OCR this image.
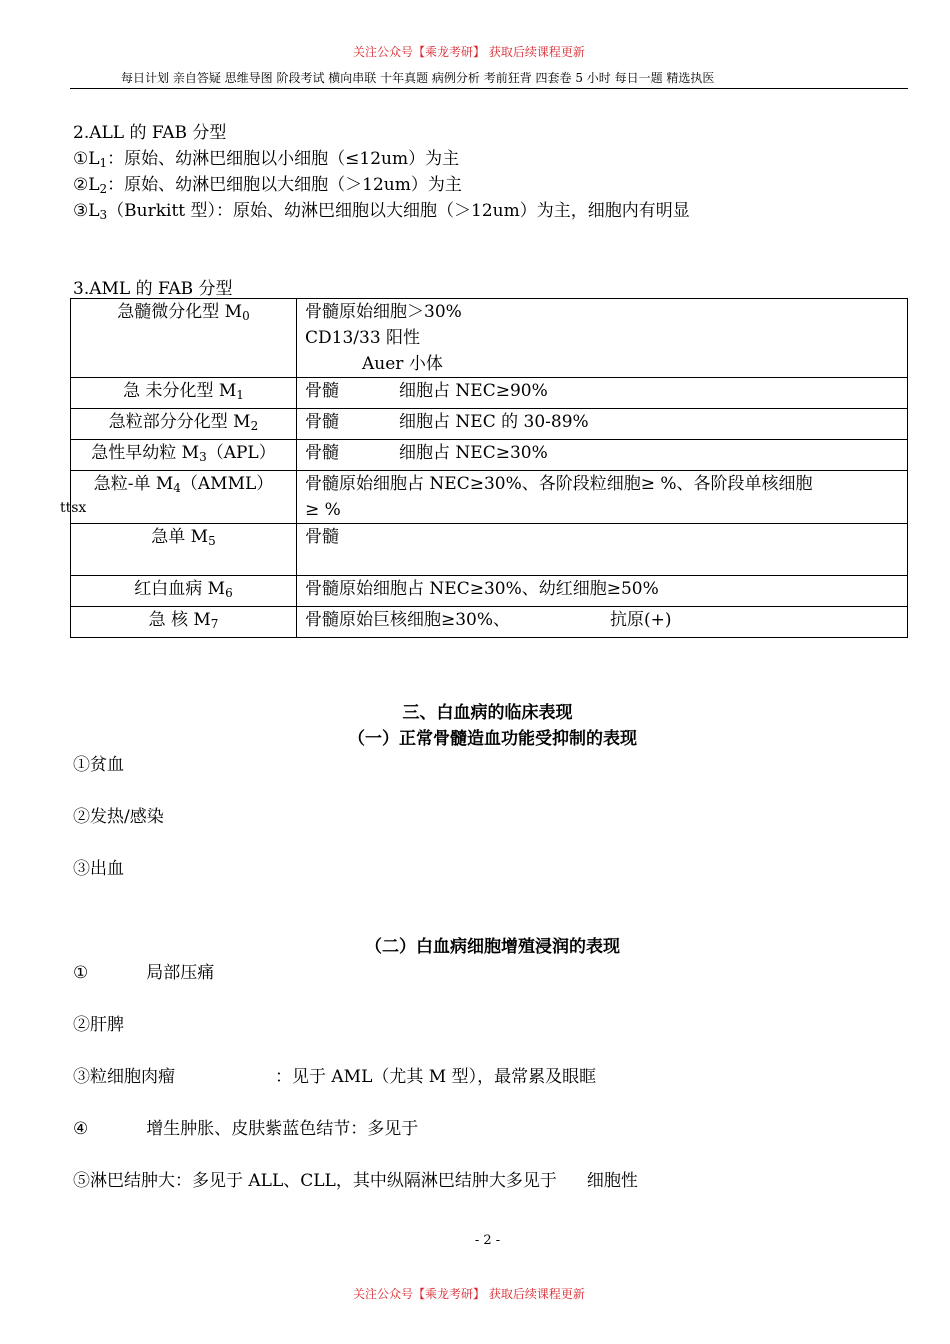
关注公众号【乘龙考研】 获取后续课程更新
每日计划 亲自答疑 思维导图 阶段考试 横向串联 十年真题 病例分析 考前狂背 四套卷 5 小时 每日一题 精选执医
2.ALL 的 FAB 分型
$①L_1$：原始、幼淋巴细胞以小细胞（≤12um）为主
$②L_2$：原始、幼淋巴细胞以大细胞（＞12um）为主
$③L_3(Burkitt$ 型）：原始、幼淋巴细胞以大细胞（＞12um）为主，细胞内有明显
3.AML 的 FAB 分型
急髓微分化型 $M_0$	骨髓原始细胞＞30%
CD13/33 阳性
Auer 小体

急 未分化型 $M_1$	骨髓 细胞占 NEC≥90%
急粒部分分化型 $M_2$	骨髓 细胞占 NEC 的 30-89%
急性早幼粒 $M_3(APL)$	骨髓 细胞占 NEC≥30%
急粒-单 $M_4(AMML)$	骨髓原始细胞占 NEC≥30%、各阶段粒细胞≥ %、各阶段单核细胞
≥ %

急单 $M_5$	骨髓
红白血病 $M_6$	骨髓原始细胞占 NEC≥30%、幼红细胞≥50%
急 核 $M_7$	骨髓原始巨核细胞≥30%、 抗原(+)
ttsx
三、白血病的临床表现
（一）正常骨髓造血功能受抑制的表现
①贫血
②发热/感染
③出血
（二）白血病细胞增殖浸润的表现
①	局部压痛
②肝脾
③粒细胞肉瘤	：见于 AML（尤其 M 型），最常累及眼眶
④	增生肿胀、皮肤紫蓝色结节：多见于
⑤淋巴结肿大：多见于 ALL、CLL，其中纵隔淋巴结肿大多见于 细胞性
- 2 -
关注公众号【乘龙考研】 获取后续课程更新
